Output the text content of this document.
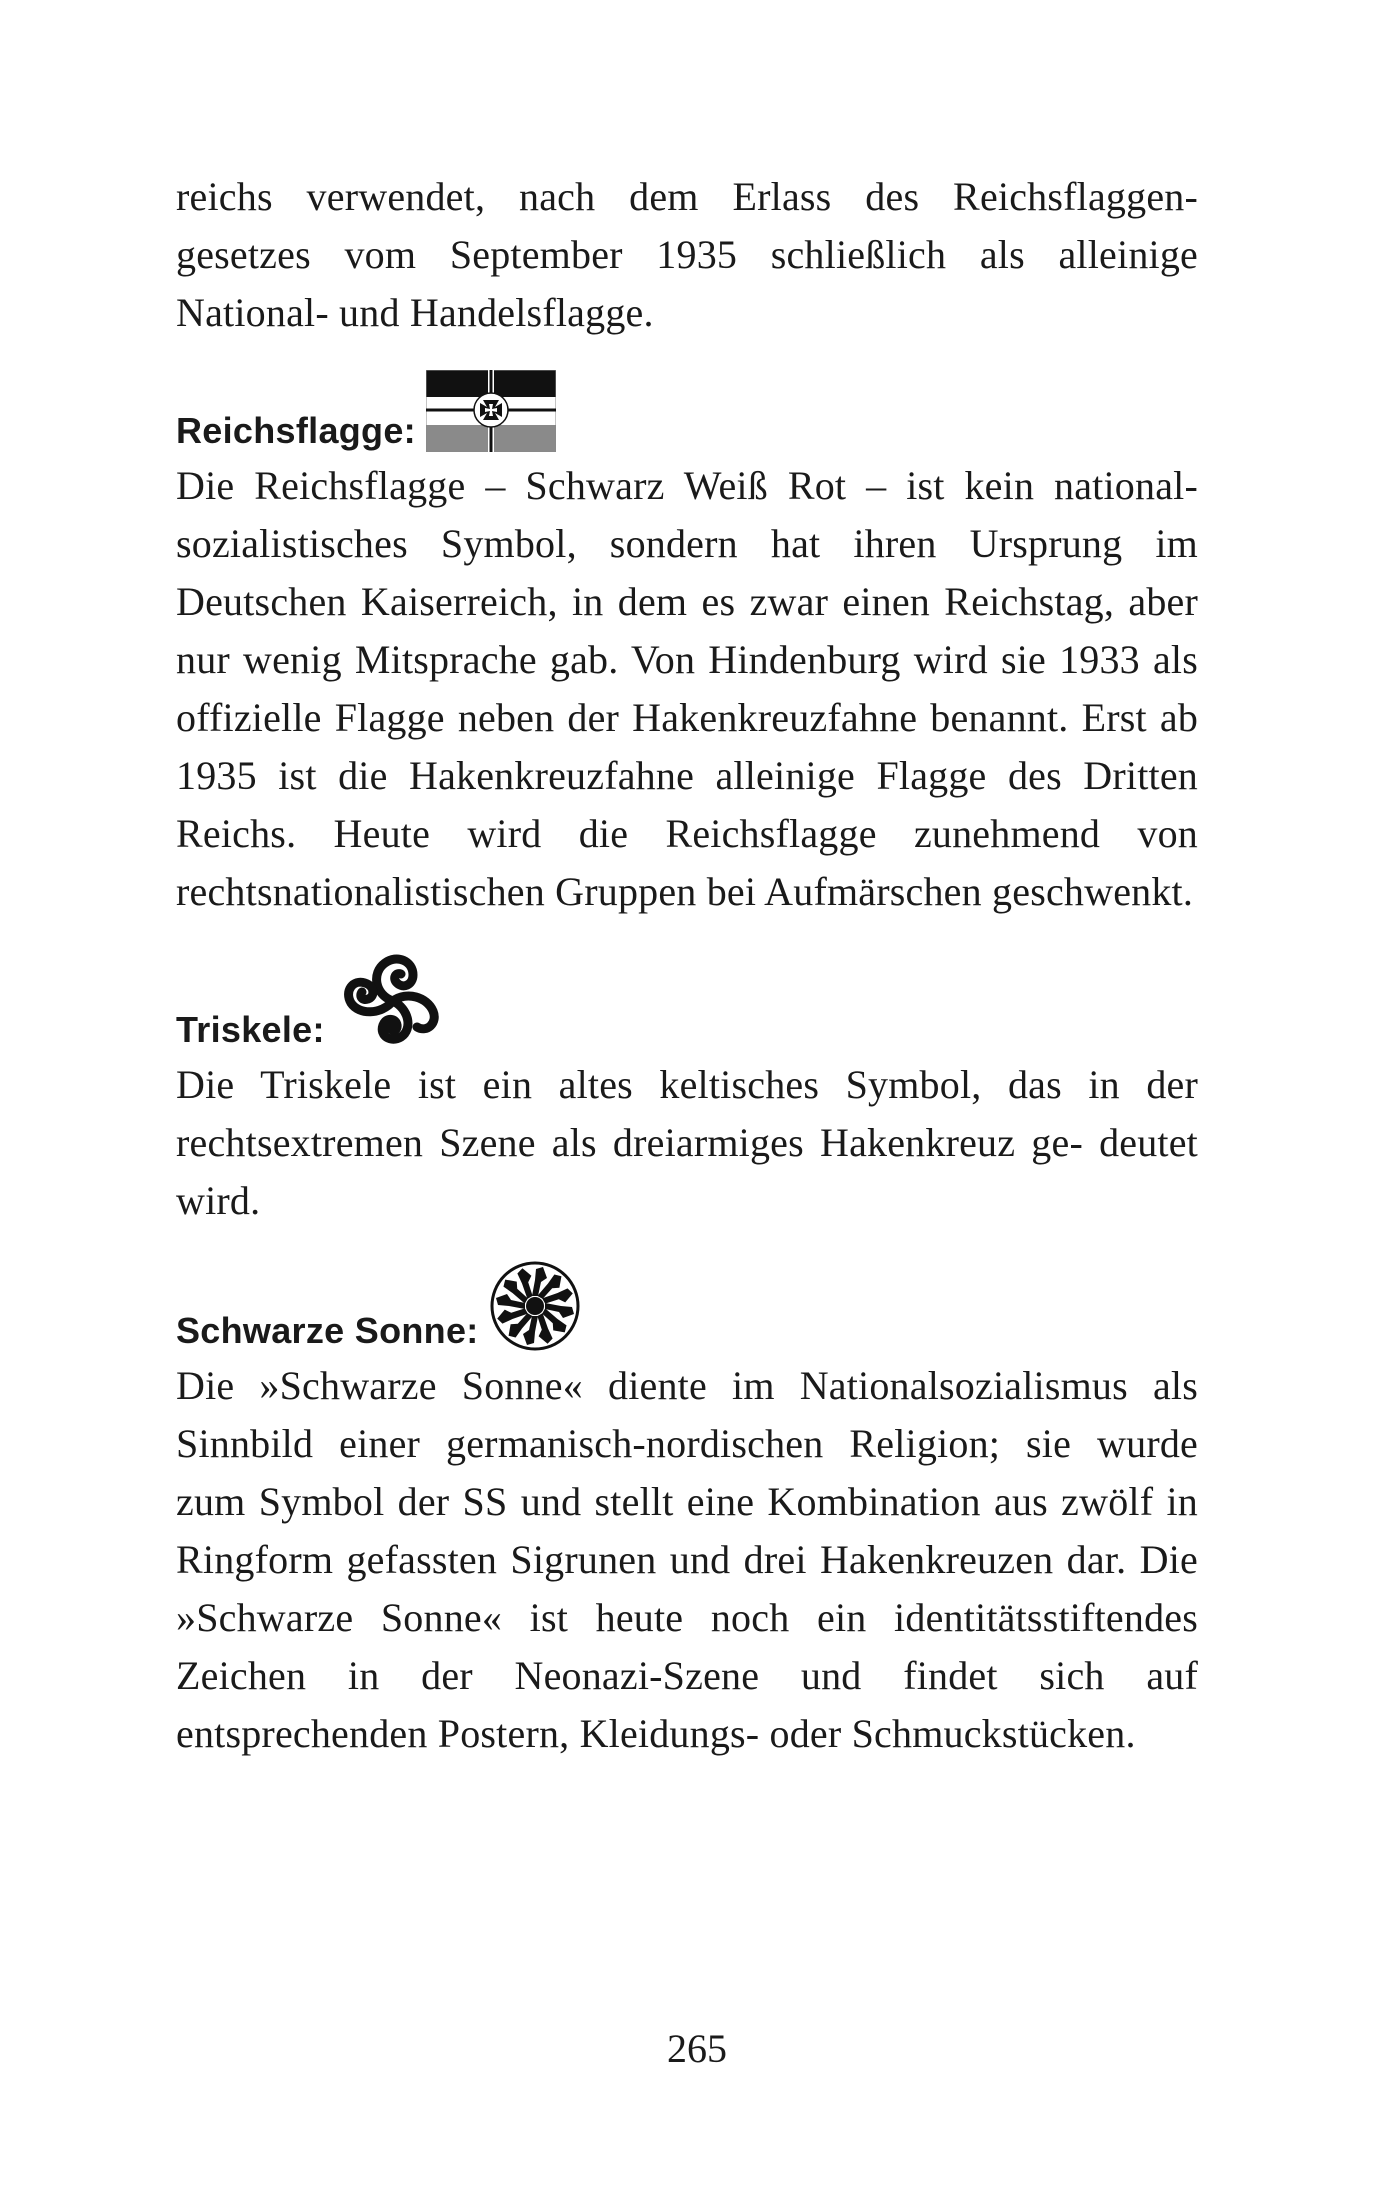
reichs verwendet, nach dem Erlass des Reichsflaggen- gesetzes vom September 1935 schließlich als alleinige National- und Handelsflagge.

Reichsflagge:

Die Reichsflagge – Schwarz Weiß Rot – ist kein national- sozialistisches Symbol, sondern hat ihren Ursprung im Deutschen Kaiserreich, in dem es zwar einen Reichstag, aber nur wenig Mitsprache gab. Von Hindenburg wird sie 1933 als offizielle Flagge neben der Hakenkreuzfahne benannt. Erst ab 1935 ist die Hakenkreuzfahne alleinige Flagge des Dritten Reichs. Heute wird die Reichsflagge zunehmend von rechtsnationalistischen Gruppen bei Aufmärschen geschwenkt.

Triskele:

Die Triskele ist ein altes keltisches Symbol, das in der rechtsextremen Szene als dreiarmiges Hakenkreuz ge- deutet wird.

Schwarze Sonne:

Die »Schwarze Sonne« diente im Nationalsozialismus als Sinnbild einer germanisch-nordischen Religion; sie wurde zum Symbol der SS und stellt eine Kombination aus zwölf in Ringform gefassten Sigrunen und drei Hakenkreuzen dar. Die »Schwarze Sonne« ist heute noch ein identitätsstiftendes Zeichen in der Neonazi-Szene und findet sich auf entsprechenden Postern, Kleidungs- oder Schmuckstücken.

265
